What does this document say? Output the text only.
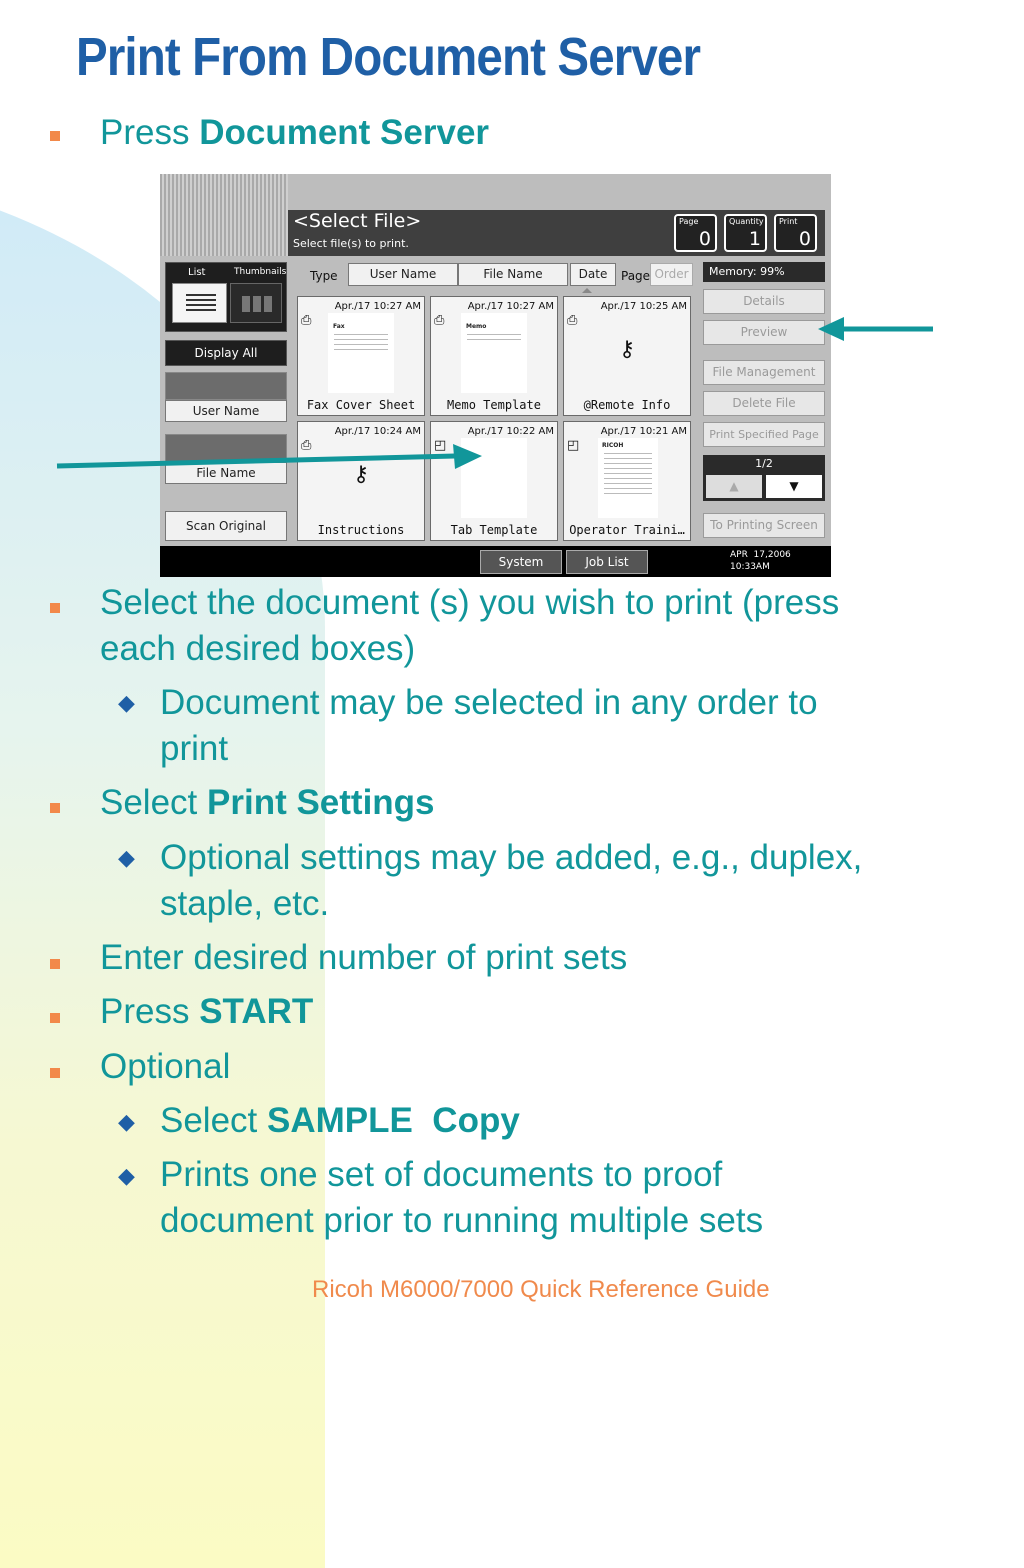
Print From Document Server
Press Document Server
<Select File>
Select file(s) to print.
Page
0
Quantity
1
Print
0
List	Thumbnails
Display All
User Name
File Name
Scan Original
Type	User Name	File Name	Date	Page Order
Apr./17 10:27 AM
⎙	Fax
Fax Cover Sheet
Apr./17 10:27 AM
⎙	Memo
Memo Template
Apr./17 10:25 AM
⎙
⚷
@Remote Info
Apr./17 10:24 AM
⎙
⚷
Instructions
Apr./17 10:22 AM
◰
Tab Template
Apr./17 10:21 AM
◰	RICOH
Operator Traini…
Memory: 99%
Details
Preview
File Management
Delete File
Print Specified Page
1/2
▲	▼
To Printing Screen
System	Job List	APR  17,2006
10:33AM
Select the document (s) you wish to print (press
each desired boxes)
◆ Document may be selected in any order to
print
Select Print Settings
◆ Optional settings may be added, e.g., duplex,
staple, etc.
Enter desired number of print sets
Press START
Optional
◆ Select SAMPLE  Copy
◆ Prints one set of documents to proof
document prior to running multiple sets
Ricoh M6000/7000 Quick Reference Guide
